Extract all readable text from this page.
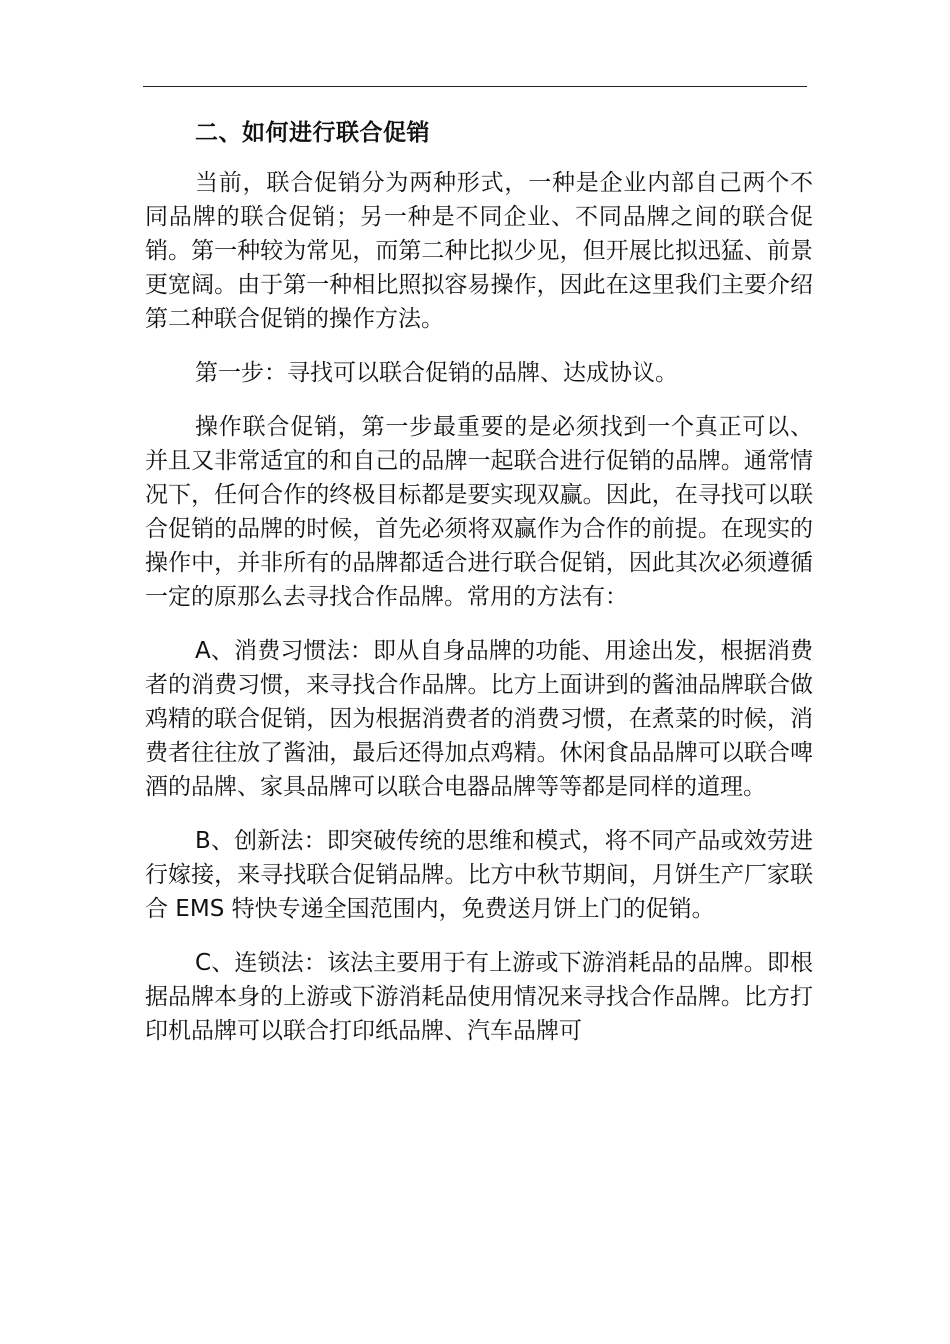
二、如何进行联合促销

当前，联合促销分为两种形式，一种是企业内部自己两个不同品牌的联合促销；另一种是不同企业、不同品牌之间的联合促销。第一种较为常见，而第二种比拟少见，但开展比拟迅猛、前景更宽阔。由于第一种相比照拟容易操作，因此在这里我们主要介绍第二种联合促销的操作方法。

第一步：寻找可以联合促销的品牌、达成协议。

操作联合促销，第一步最重要的是必须找到一个真正可以、并且又非常适宜的和自己的品牌一起联合进行促销的品牌。通常情况下，任何合作的终极目标都是要实现双赢。因此，在寻找可以联合促销的品牌的时候，首先必须将双赢作为合作的前提。在现实的操作中，并非所有的品牌都适合进行联合促销，因此其次必须遵循一定的原那么去寻找合作品牌。常用的方法有：

A、消费习惯法：即从自身品牌的功能、用途出发，根据消费者的消费习惯，来寻找合作品牌。比方上面讲到的酱油品牌联合做鸡精的联合促销，因为根据消费者的消费习惯，在煮菜的时候，消费者往往放了酱油，最后还得加点鸡精。休闲食品品牌可以联合啤酒的品牌、家具品牌可以联合电器品牌等等都是同样的道理。

B、创新法：即突破传统的思维和模式，将不同产品或效劳进行嫁接，来寻找联合促销品牌。比方中秋节期间，月饼生产厂家联合 EMS 特快专递全国范围内，免费送月饼上门的促销。

C、连锁法：该法主要用于有上游或下游消耗品的品牌。即根据品牌本身的上游或下游消耗品使用情况来寻找合作品牌。比方打印机品牌可以联合打印纸品牌、汽车品牌可
